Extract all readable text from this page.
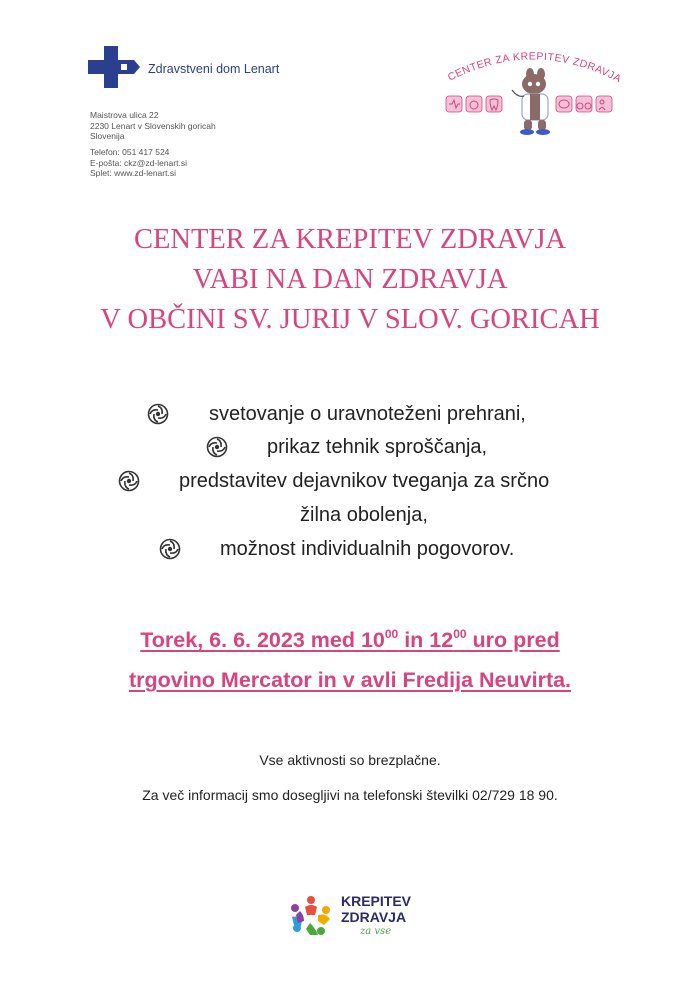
Zdravstveni dom Lenart
Maistrova ulica 22
2230 Lenart v Slovenskih goricah
Slovenija
Telefon: 051 417 524
E-pošta: ckz@zd-lenart.si
Splet: www.zd-lenart.si
CENTER ZA KREPITEV ZDRAVJA
CENTER ZA KREPITEV ZDRAVJA
VABI NA DAN ZDRAVJA
V OBČINI SV. JURIJ V SLOV. GORICAH
svetovanje o uravnoteženi prehrani,
prikaz tehnik sproščanja,
predstavitev dejavnikov tveganja za srčno
žilna obolenja,
možnost individualnih pogovorov.
Torek, 6. 6. 2023 med $10^{00}$ in $12^{00}$ uro pred
trgovino Mercator in v avli Fredija Neuvirta.
Vse aktivnosti so brezplačne.
Za več informacij smo dosegljivi na telefonski številki 02/729 18 90.
KREPITEV
ZDRAVJA
za vse
